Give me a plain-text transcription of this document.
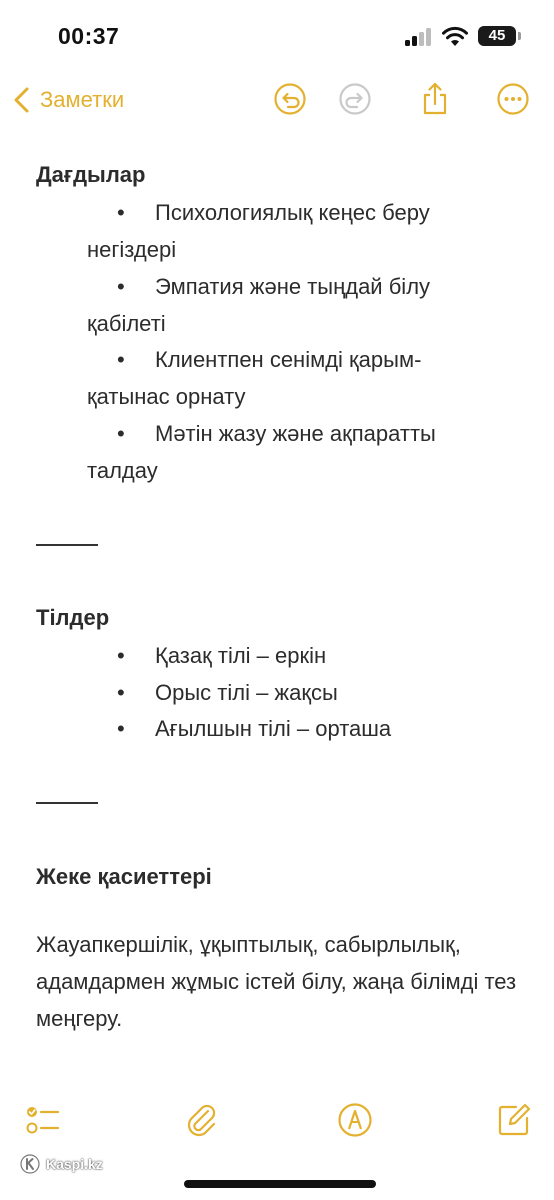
00:37	45
Заметки
Дағдылар
• Психологиялық кеңес беру
негіздері
• Эмпатия және тыңдай білу
қабілеті
• Клиентпен сенімді қарым-
қатынас орнату
• Мәтін жазу және ақпаратты
талдау
Тілдер
• Қазақ тілі – еркін
• Орыс тілі – жақсы
• Ағылшын тілі – орташа
Жеке қасиеттері
Жауапкершілік, ұқыптылық, сабырлылық, адамдармен жұмыс істей білу, жаңа білімді тез меңгеру.
Kaspi.kz
